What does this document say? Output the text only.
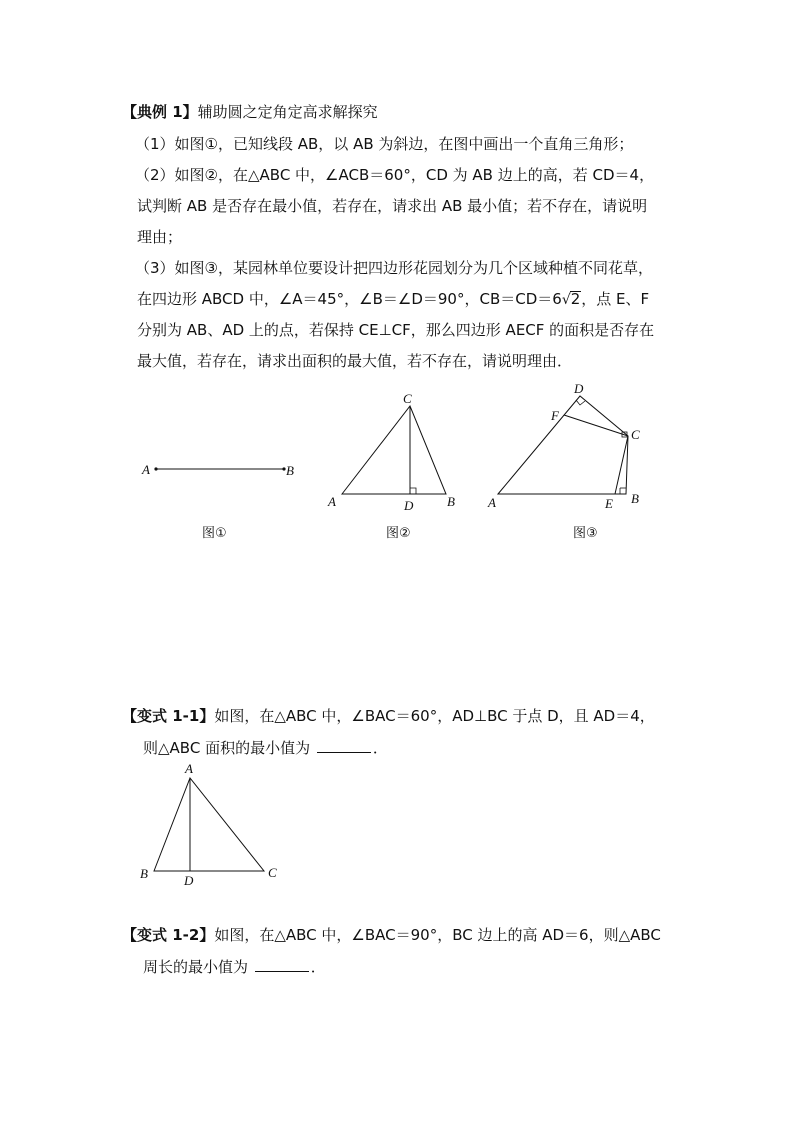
【典例 1】辅助圆之定角定高求解探究
（1）如图①，已知线段 AB，以 AB 为斜边，在图中画出一个直角三角形；
（2）如图②，在△ABC 中，∠ACB＝60°，CD 为 AB 边上的高，若 CD＝4，
试判断 AB 是否存在最小值，若存在，请求出 AB 最小值；若不存在，请说明
理由；
（3）如图③，某园林单位要设计把四边形花园划分为几个区域种植不同花草，
在四边形 ABCD 中，∠A＝45°，∠B＝∠D＝90°，CB＝CD＝6√2，点 E、F
分别为 AB、AD 上的点，若保持 CE⊥CF，那么四边形 AECF 的面积是否存在
最大值，若存在，请求出面积的最大值，若不存在，请说明理由．
A	B
图①
C
A	B
D
图②
D
F
C
A	E B
图③
【变式 1-1】如图，在△ABC 中，∠BAC＝60°，AD⊥BC 于点 D，且 AD＝4，
则△ABC 面积的最小值为	．
A
B	C
D
【变式 1-2】如图，在△ABC 中，∠BAC＝90°，BC 边上的高 AD＝6，则△ABC
周长的最小值为	．
